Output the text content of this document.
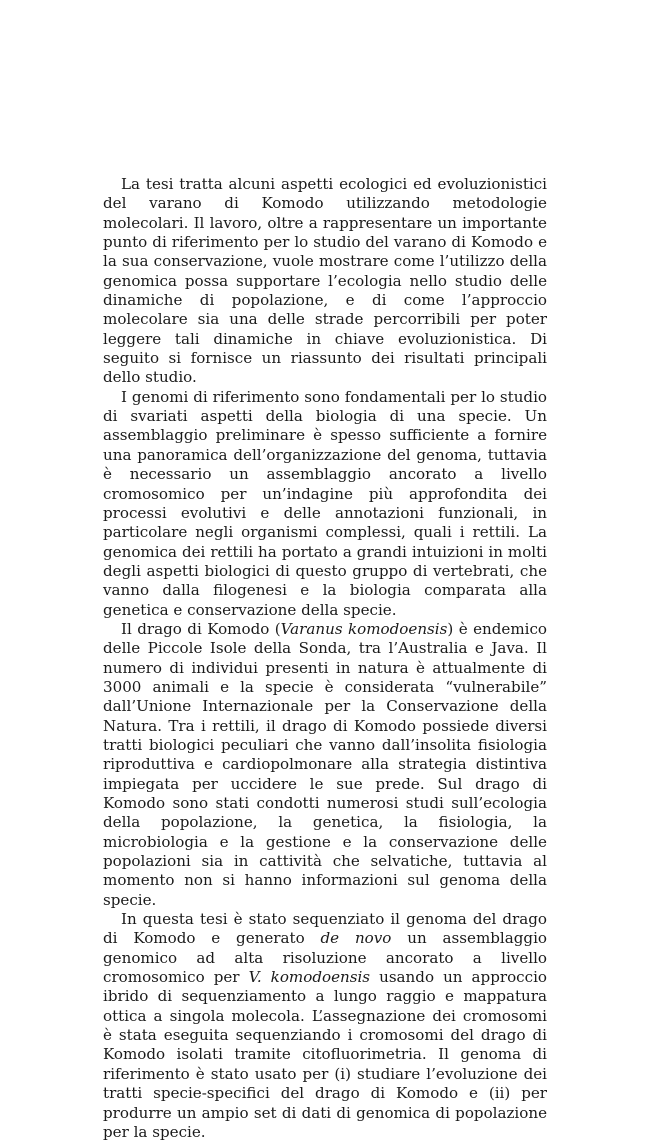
La tesi tratta alcuni aspetti ecologici ed evoluzionistici del varano di Komodo utilizzando metodologie molecolari. Il lavoro, oltre a rappresentare un importante punto di riferimento per lo studio del varano di Komodo e la sua conservazione, vuole mostrare come l’utilizzo della genomica possa supportare l’ecologia nello studio delle dinamiche di popolazione, e di come l’approccio molecolare sia una delle strade percorribili per poter leggere tali dinamiche in chiave evoluzionistica. Di seguito si fornisce un riassunto dei risultati principali dello studio.

I genomi di riferimento sono fondamentali per lo studio di svariati aspetti della biologia di una specie. Un assemblaggio preliminare è spesso sufficiente a fornire una panoramica dell’organizzazione del genoma, tuttavia è necessario un assemblaggio ancorato a livello cromosomico per un’indagine più approfondita dei processi evolutivi e delle annotazioni funzionali, in particolare negli organismi complessi, quali i rettili. La genomica dei rettili ha portato a grandi intuizioni in molti degli aspetti biologici di questo gruppo di vertebrati, che vanno dalla filogenesi e la biologia comparata alla genetica e conservazione della specie.

Il drago di Komodo (Varanus komodoensis) è endemico delle Piccole Isole della Sonda, tra l’Australia e Java. Il numero di individui presenti in natura è attualmente di 3000 animali e la specie è considerata “vulnerabile” dall’Unione Internazionale per la Conservazione della Natura. Tra i rettili, il drago di Komodo possiede diversi tratti biologici peculiari che vanno dall’insolita fisiologia riproduttiva e cardiopolmonare alla strategia distintiva impiegata per uccidere le sue prede. Sul drago di Komodo sono stati condotti numerosi studi sull’ecologia della popolazione, la genetica, la fisiologia, la microbiologia e la gestione e la conservazione delle popolazioni sia in cattività che selvatiche, tuttavia al momento non si hanno informazioni sul genoma della specie.

In questa tesi è stato sequenziato il genoma del drago di Komodo e generato de novo un assemblaggio genomico ad alta risoluzione ancorato a livello cromosomico per V. komodoensis usando un approccio ibrido di sequenziamento a lungo raggio e mappatura ottica a singola molecola. L’assegnazione dei cromosomi è stata eseguita sequenziando i cromosomi del drago di Komodo isolati tramite citofluorimetria. Il genoma di riferimento è stato usato per (i) studiare l’evoluzione dei tratti specie-specifici del drago di Komodo e (ii) per produrre un ampio set di dati di genomica di popolazione per la specie.
